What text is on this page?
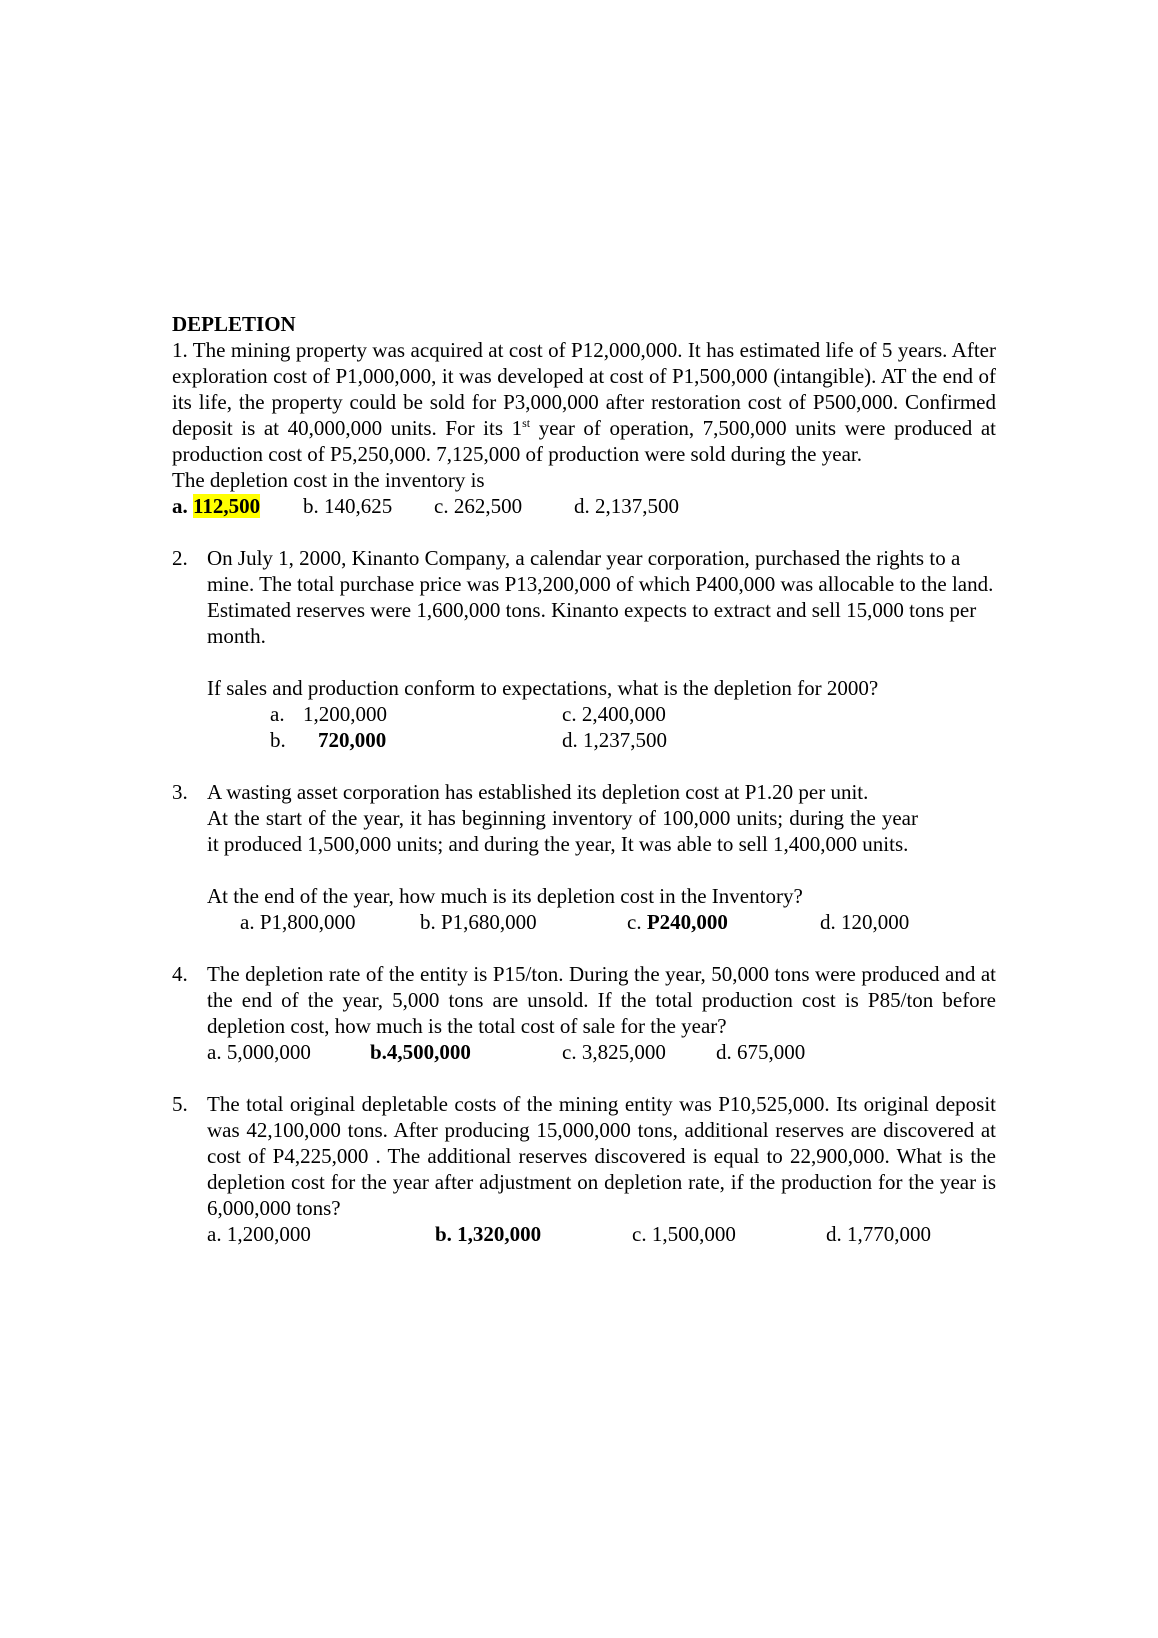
DEPLETION

1. The mining property was acquired at cost of P12,000,000. It has estimated life of 5 years. After exploration cost of P1,000,000, it was developed at cost of P1,500,000 (intangible). AT the end of its life, the property could be sold for P3,000,000 after restoration cost of P500,000. Confirmed deposit is at 40,000,000 units. For its 1st year of operation, 7,500,000 units were produced at production cost of P5,250,000. 7,125,000 of production were sold during the year.

The depletion cost in the inventory is
a. 112,500 b. 140,625 c. 262,500 d. 2,137,500
2. On July 1, 2000, Kinanto Company, a calendar year corporation, purchased the rights to a mine. The total purchase price was P13,200,000 of which P400,000 was allocable to the land. Estimated reserves were 1,600,000 tons. Kinanto expects to extract and sell 15,000 tons per month.

If sales and production conform to expectations, what is the depletion for 2000?
a. 1,200,000	c. 2,400,000
b. 720,000	d. 1,237,500
3. A wasting asset corporation has established its depletion cost at P1.20 per unit.

At the start of the year, it has beginning inventory of 100,000 units; during the year it produced 1,500,000 units; and during the year, It was able to sell 1,400,000 units.

At the end of the year, how much is its depletion cost in the Inventory?
a. P1,800,000	b. P1,680,000	c. P240,000	d. 120,000
4. The depletion rate of the entity is P15/ton. During the year, 50,000 tons were produced and at the end of the year, 5,000 tons are unsold. If the total production cost is P85/ton before depletion cost, how much is the total cost of sale for the year?

a. 5,000,000	b.4,500,000	c. 3,825,000 d. 675,000
5. The total original depletable costs of the mining entity was P10,525,000. Its original deposit was 42,100,000 tons. After producing 15,000,000 tons, additional reserves are discovered at cost of P4,225,000 . The additional reserves discovered is equal to 22,900,000. What is the depletion cost for the year after adjustment on depletion rate, if the production for the year is 6,000,000 tons?

a. 1,200,000	b. 1,320,000	c. 1,500,000	d. 1,770,000
